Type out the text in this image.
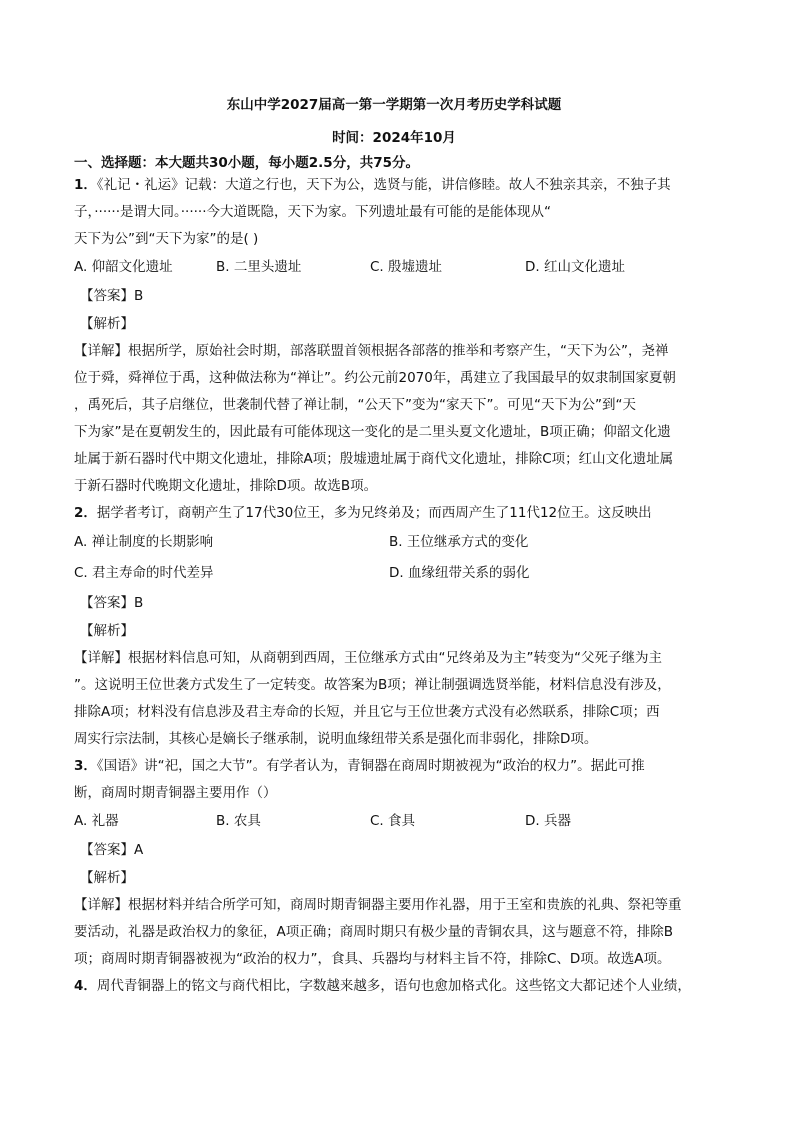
东山中学2027届高一第一学期第一次月考历史学科试题
时间：2024年10月
一、选择题：本大题共30小题，每小题2.5分，共75分。
1．《礼记・礼运》记载：大道之行也，天下为公，选贤与能，讲信修睦。故人不独亲其亲，不独子其
子，······是谓大同。······今大道既隐，天下为家。下列遗址最有可能的是能体现从“
天下为公”到“天下为家”的是( )
A. 仰韶文化遗址	B. 二里头遗址	C. 殷墟遗址	D. 红山文化遗址
【答案】B
【解析】
【详解】根据所学，原始社会时期，部落联盟首领根据各部落的推举和考察产生，“天下为公”，尧禅
位于舜，舜禅位于禹，这种做法称为“禅让”。约公元前2070年，禹建立了我国最早的奴隶制国家夏朝
，禹死后，其子启继位，世袭制代替了禅让制，“公天下”变为“家天下”。可见“天下为公”到“天
下为家”是在夏朝发生的，因此最有可能体现这一变化的是二里头夏文化遗址，B项正确；仰韶文化遗
址属于新石器时代中期文化遗址，排除A项；殷墟遗址属于商代文化遗址，排除C项；红山文化遗址属
于新石器时代晚期文化遗址，排除D项。故选B项。
2．据学者考订，商朝产生了17代30位王，多为兄终弟及；而西周产生了11代12位王。这反映出
A. 禅让制度的长期影响	B. 王位继承方式的变化
C. 君主寿命的时代差异	D. 血缘纽带关系的弱化
【答案】B
【解析】
【详解】根据材料信息可知，从商朝到西周，王位继承方式由“兄终弟及为主”转变为“父死子继为主
”。这说明王位世袭方式发生了一定转变。故答案为B项；禅让制强调选贤举能，材料信息没有涉及，
排除A项；材料没有信息涉及君主寿命的长短，并且它与王位世袭方式没有必然联系，排除C项；西
周实行宗法制，其核心是嫡长子继承制，说明血缘纽带关系是强化而非弱化，排除D项。
3．《国语》讲“祀，国之大节”。有学者认为，青铜器在商周时期被视为“政治的权力”。据此可推
断，商周时期青铜器主要用作（）
A. 礼器	B. 农具	C. 食具	D. 兵器
【答案】A
【解析】
【详解】根据材料并结合所学可知，商周时期青铜器主要用作礼器，用于王室和贵族的礼典、祭祀等重
要活动，礼器是政治权力的象征，A项正确；商周时期只有极少量的青铜农具，这与题意不符，排除B
项；商周时期青铜器被视为“政治的权力”，食具、兵器均与材料主旨不符，排除C、D项。故选A项。
4．周代青铜器上的铭文与商代相比，字数越来越多，语句也愈加格式化。这些铭文大都记述个人业绩，
